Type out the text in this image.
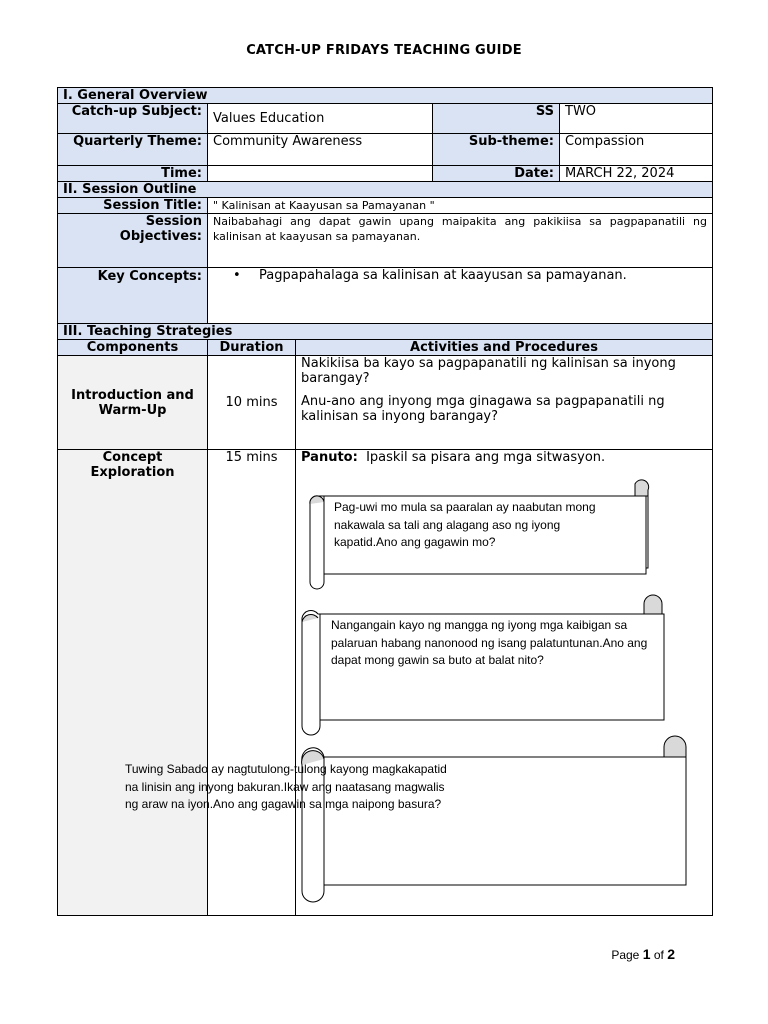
CATCH-UP FRIDAYS TEACHING GUIDE
I. General Overview				
Catch-up Subject:	Values Education		SS	TWO
Quarterly Theme:	Community Awareness		Sub-theme:	Compassion
Time:			Date:	MARCH 22, 2024
II. Session Outline				
Session Title:	" Kalinisan at Kaayusan sa Pamayanan "			
Session Objectives:	Naibabahagi ang dapat gawin upang maipakita ang pakikiisa sa pagpapanatili ng kalinisan at kaayusan sa pamayanan.			
Key Concepts:	• Pagpapahalaga sa kalinisan at kaayusan sa pamayanan.			
III. Teaching Strategies				
Components	Duration	Activities and Procedures		
Introduction and Warm-Up	10 mins	Nakikiisa ba kayo sa pagpapanatili ng kalinisan sa inyong barangay?

Anu-ano ang inyong mga ginagawa sa pagpapanatili ng kalinisan sa inyong barangay?		

Concept Exploration	15 mins	Panuto: Ipaskil sa pisara ang mga sitwasyon.		
Pag-uwi mo mula sa paaralan ay naabutan mong nakawala sa tali ang alagang aso ng iyong kapatid.Ano ang gagawin mo?
Nangangain kayo ng mangga ng iyong mga kaibigan sa palaruan habang nanonood ng isang palatuntunan.Ano ang dapat mong gawin sa buto at balat nito?
Tuwing Sabado ay nagtutulong-tulong kayong magkakapatid na linisin ang inyong bakuran.Ikaw ang naatasang magwalis ng araw na iyon.Ano ang gagawin sa mga naipong basura?
Page 1 of 2
